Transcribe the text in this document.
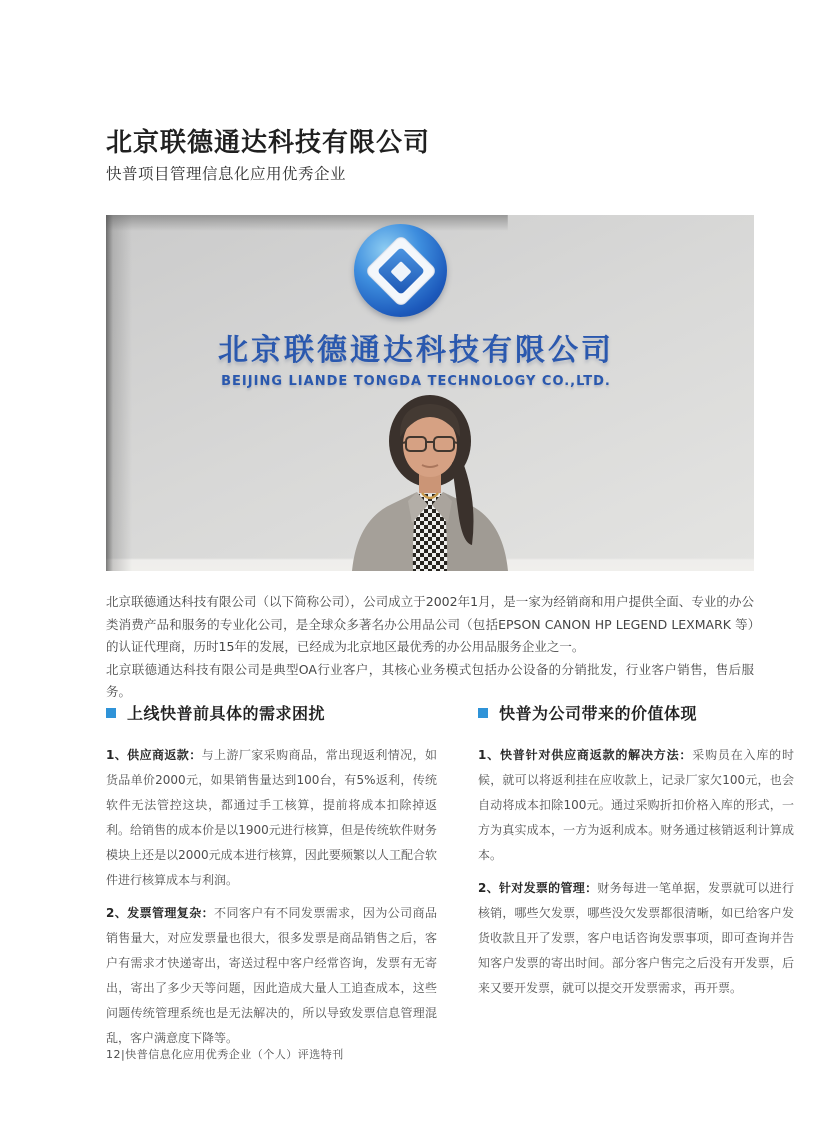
北京联德通达科技有限公司
快普项目管理信息化应用优秀企业
北京联德通达科技有限公司
BEIJING LIANDE TONGDA TECHNOLOGY CO.,LTD.

北京联德通达科技有限公司（以下简称公司），公司成立于2002年1月，是一家为经销商和用户提供全面、专业的办公类消费产品和服务的专业化公司，是全球众多著名办公用品公司（包括EPSON CANON HP LEGEND LEXMARK 等）的认证代理商，历时15年的发展，已经成为北京地区最优秀的办公用品服务企业之一。

北京联德通达科技有限公司是典型OA行业客户，其核心业务模式包括办公设备的分销批发，行业客户销售，售后服务。

上线快普前具体的需求困扰

1、供应商返款：与上游厂家采购商品，常出现返利情况，如货品单价2000元，如果销售量达到100台，有5%返利，传统软件无法管控这块，都通过手工核算，提前将成本扣除掉返利。给销售的成本价是以1900元进行核算，但是传统软件财务模块上还是以2000元成本进行核算，因此要频繁以人工配合软件进行核算成本与利润。

2、发票管理复杂：不同客户有不同发票需求，因为公司商品销售量大，对应发票量也很大，很多发票是商品销售之后，客户有需求才快递寄出，寄送过程中客户经常咨询，发票有无寄出，寄出了多少天等问题，因此造成大量人工追查成本，这些问题传统管理系统也是无法解决的，所以导致发票信息管理混乱，客户满意度下降等。

快普为公司带来的价值体现

1、快普针对供应商返款的解决方法：采购员在入库的时候，就可以将返利挂在应收款上，记录厂家欠100元，也会自动将成本扣除100元。通过采购折扣价格入库的形式，一方为真实成本，一方为返利成本。财务通过核销返利计算成本。

2、针对发票的管理：财务每进一笔单据，发票就可以进行核销，哪些欠发票，哪些没欠发票都很清晰，如已给客户发货收款且开了发票，客户电话咨询发票事项，即可查询并告知客户发票的寄出时间。部分客户售完之后没有开发票，后来又要开发票，就可以提交开发票需求，再开票。

12|快普信息化应用优秀企业（个人）评选特刊
